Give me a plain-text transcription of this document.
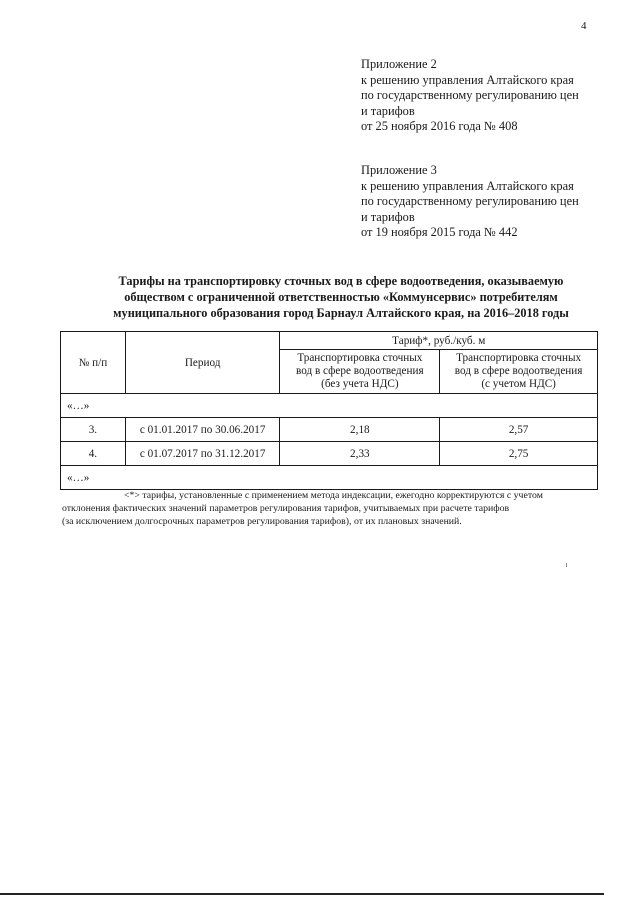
4
Приложение 2
к решению управления Алтайского края
по государственному регулированию цен
и тарифов
от 25 ноября 2016 года № 408
Приложение 3
к решению управления Алтайского края
по государственному регулированию цен
и тарифов
от 19 ноября 2015 года № 442
Тарифы на транспортировку сточных вод в сфере водоотведения, оказываемую
обществом с ограниченной ответственностью «Коммунсервис» потребителям
муниципального образования город Барнаул Алтайского края, на 2016–2018 годы
№ п/п	Период	Тариф*, руб./куб. м	

		Транспортировка сточных
вод в сфере водоотведения
(без учета НДС)	Транспортировка сточных
вод в сфере водоотведения
(с учетом НДС)

«…»			
3.	с 01.01.2017 по 30.06.2017	2,18	2,57
4.	с 01.07.2017 по 31.12.2017	2,33	2,75
«…»			
<*> тарифы, установленные с применением метода индексации, ежегодно корректируются с учетом
отклонения фактических значений параметров регулирования тарифов, учитываемых при расчете тарифов
(за исключением долгосрочных параметров регулирования тарифов), от их плановых значений.
